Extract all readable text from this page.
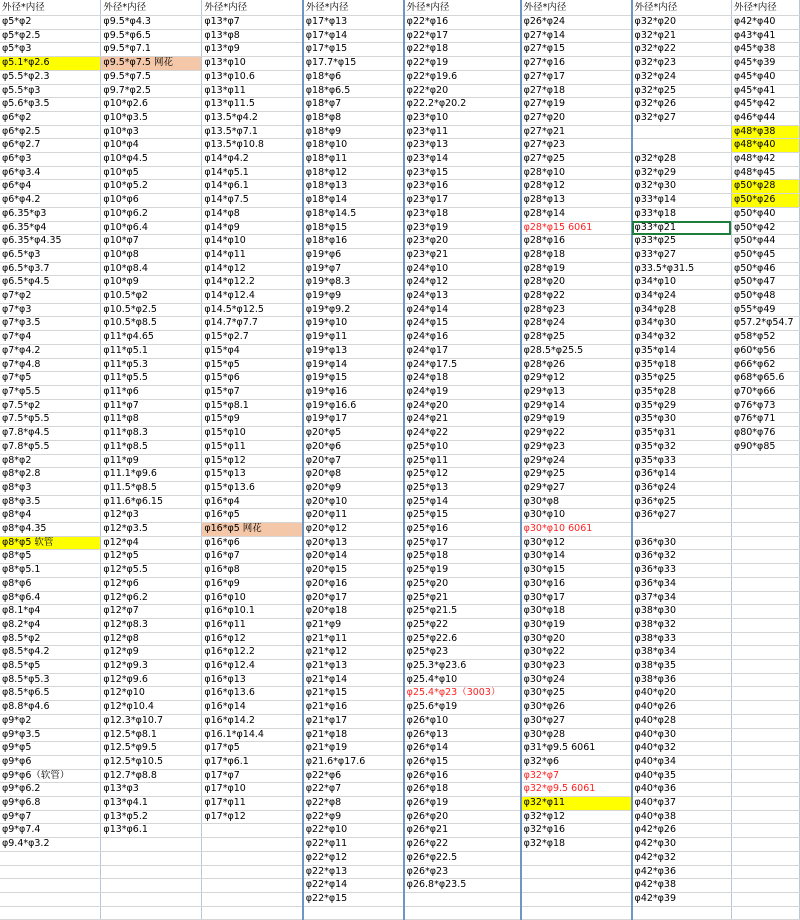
外径*内径	外径*内径	外径*内径	外径*内径	外径*内径	外径*内径	外径*内径	外径*内径
φ5*φ2	φ9.5*φ4.3	φ13*φ7	φ17*φ13	φ22*φ16	φ26*φ24	φ32*φ20	φ42*φ40
φ5*φ2.5	φ9.5*φ6.5	φ13*φ8	φ17*φ14	φ22*φ17	φ27*φ14	φ32*φ21	φ43*φ41
φ5*φ3	φ9.5*φ7.1	φ13*φ9	φ17*φ15	φ22*φ18	φ27*φ15	φ32*φ22	φ45*φ38
φ5.1*φ2.6	φ9.5*φ7.5 网花	φ13*φ10	φ17.7*φ15	φ22*φ19	φ27*φ16	φ32*φ23	φ45*φ39
φ5.5*φ2.3	φ9.5*φ7.5	φ13*φ10.6	φ18*φ6	φ22*φ19.6	φ27*φ17	φ32*φ24	φ45*φ40
φ5.5*φ3	φ9.7*φ2.5	φ13*φ11	φ18*φ6.5	φ22*φ20	φ27*φ18	φ32*φ25	φ45*φ41
φ5.6*φ3.5	φ10*φ2.6	φ13*φ11.5	φ18*φ7	φ22.2*φ20.2	φ27*φ19	φ32*φ26	φ45*φ42
φ6*φ2	φ10*φ3.5	φ13.5*φ4.2	φ18*φ8	φ23*φ10	φ27*φ20	φ32*φ27	φ46*φ44
φ6*φ2.5	φ10*φ3	φ13.5*φ7.1	φ18*φ9	φ23*φ11	φ27*φ21		φ48*φ38
φ6*φ2.7	φ10*φ4	φ13.5*φ10.8	φ18*φ10	φ23*φ13	φ27*φ23		φ48*φ40
φ6*φ3	φ10*φ4.5	φ14*φ4.2	φ18*φ11	φ23*φ14	φ27*φ25	φ32*φ28	φ48*φ42
φ6*φ3.4	φ10*φ5	φ14*φ5.1	φ18*φ12	φ23*φ15	φ28*φ10	φ32*φ29	φ48*φ45
φ6*φ4	φ10*φ5.2	φ14*φ6.1	φ18*φ13	φ23*φ16	φ28*φ12	φ32*φ30	φ50*φ28
φ6*φ4.2	φ10*φ6	φ14*φ7.5	φ18*φ14	φ23*φ17	φ28*φ13	φ33*φ14	φ50*φ26
φ6.35*φ3	φ10*φ6.2	φ14*φ8	φ18*φ14.5	φ23*φ18	φ28*φ14	φ33*φ18	φ50*φ40
φ6.35*φ4	φ10*φ6.4	φ14*φ9	φ18*φ15	φ23*φ19	φ28*φ15 6061	φ33*φ21	φ50*φ42
φ6.35*φ4.35	φ10*φ7	φ14*φ10	φ18*φ16	φ23*φ20	φ28*φ16	φ33*φ25	φ50*φ44
φ6.5*φ3	φ10*φ8	φ14*φ11	φ19*φ6	φ23*φ21	φ28*φ18	φ33*φ27	φ50*φ45
φ6.5*φ3.7	φ10*φ8.4	φ14*φ12	φ19*φ7	φ24*φ10	φ28*φ19	φ33.5*φ31.5	φ50*φ46
φ6.5*φ4.5	φ10*φ9	φ14*φ12.2	φ19*φ8.3	φ24*φ12	φ28*φ20	φ34*φ10	φ50*φ47
φ7*φ2	φ10.5*φ2	φ14*φ12.4	φ19*φ9	φ24*φ13	φ28*φ22	φ34*φ24	φ50*φ48
φ7*φ3	φ10.5*φ2.5	φ14.5*φ12.5	φ19*φ9.2	φ24*φ14	φ28*φ23	φ34*φ28	φ55*φ49
φ7*φ3.5	φ10.5*φ8.5	φ14.7*φ7.7	φ19*φ10	φ24*φ15	φ28*φ24	φ34*φ30	φ57.2*φ54.7
φ7*φ4	φ11*φ4.65	φ15*φ2.7	φ19*φ11	φ24*φ16	φ28*φ25	φ34*φ32	φ58*φ52
φ7*φ4.2	φ11*φ5.1	φ15*φ4	φ19*φ13	φ24*φ17	φ28.5*φ25.5	φ35*φ14	φ60*φ56
φ7*φ4.8	φ11*φ5.3	φ15*φ5	φ19*φ14	φ24*φ17.5	φ28*φ26	φ35*φ18	φ66*φ62
φ7*φ5	φ11*φ5.5	φ15*φ6	φ19*φ15	φ24*φ18	φ29*φ12	φ35*φ25	φ68*φ65.6
φ7*φ5.5	φ11*φ6	φ15*φ7	φ19*φ16	φ24*φ19	φ29*φ13	φ35*φ28	φ70*φ66
φ7.5*φ2	φ11*φ7	φ15*φ8.1	φ19*φ16.6	φ24*φ20	φ29*φ14	φ35*φ29	φ76*φ73
φ7.5*φ5.5	φ11*φ8	φ15*φ9	φ19*φ17	φ24*φ21	φ29*φ19	φ35*φ30	φ76*φ71
φ7.8*φ4.5	φ11*φ8.3	φ15*φ10	φ20*φ5	φ24*φ22	φ29*φ22	φ35*φ31	φ80*φ76
φ7.8*φ5.5	φ11*φ8.5	φ15*φ11	φ20*φ6	φ25*φ10	φ29*φ23	φ35*φ32	φ90*φ85
φ8*φ2	φ11*φ9	φ15*φ12	φ20*φ7	φ25*φ11	φ29*φ24	φ35*φ33	
φ8*φ2.8	φ11.1*φ9.6	φ15*φ13	φ20*φ8	φ25*φ12	φ29*φ25	φ36*φ14	
φ8*φ3	φ11.5*φ8.5	φ15*φ13.6	φ20*φ9	φ25*φ13	φ29*φ27	φ36*φ24	
φ8*φ3.5	φ11.6*φ6.15	φ16*φ4	φ20*φ10	φ25*φ14	φ30*φ8	φ36*φ25	
φ8*φ4	φ12*φ3	φ16*φ5	φ20*φ11	φ25*φ15	φ30*φ10	φ36*φ27	
φ8*φ4.35	φ12*φ3.5	φ16*φ5 网花	φ20*φ12	φ25*φ16	φ30*φ10 6061		
φ8*φ5 软管	φ12*φ4	φ16*φ6	φ20*φ13	φ25*φ17	φ30*φ12	φ36*φ30	
φ8*φ5	φ12*φ5	φ16*φ7	φ20*φ14	φ25*φ18	φ30*φ14	φ36*φ32	
φ8*φ5.1	φ12*φ5.5	φ16*φ8	φ20*φ15	φ25*φ19	φ30*φ15	φ36*φ33	
φ8*φ6	φ12*φ6	φ16*φ9	φ20*φ16	φ25*φ20	φ30*φ16	φ36*φ34	
φ8*φ6.4	φ12*φ6.2	φ16*φ10	φ20*φ17	φ25*φ21	φ30*φ17	φ37*φ34	
φ8.1*φ4	φ12*φ7	φ16*φ10.1	φ20*φ18	φ25*φ21.5	φ30*φ18	φ38*φ30	
φ8.2*φ4	φ12*φ8.3	φ16*φ11	φ21*φ9	φ25*φ22	φ30*φ19	φ38*φ32	
φ8.5*φ2	φ12*φ8	φ16*φ12	φ21*φ11	φ25*φ22.6	φ30*φ20	φ38*φ33	
φ8.5*φ4.2	φ12*φ9	φ16*φ12.2	φ21*φ12	φ25*φ23	φ30*φ22	φ38*φ34	
φ8.5*φ5	φ12*φ9.3	φ16*φ12.4	φ21*φ13	φ25.3*φ23.6	φ30*φ23	φ38*φ35	
φ8.5*φ5.3	φ12*φ9.6	φ16*φ13	φ21*φ14	φ25.4*φ10	φ30*φ24	φ38*φ36	
φ8.5*φ6.5	φ12*φ10	φ16*φ13.6	φ21*φ15	φ25.4*φ23（3003）	φ30*φ25	φ40*φ20	
φ8.8*φ4.6	φ12*φ10.4	φ16*φ14	φ21*φ16	φ25.6*φ19	φ30*φ26	φ40*φ26	
φ9*φ2	φ12.3*φ10.7	φ16*φ14.2	φ21*φ17	φ26*φ10	φ30*φ27	φ40*φ28	
φ9*φ3.5	φ12.5*φ8.1	φ16.1*φ14.4	φ21*φ18	φ26*φ13	φ30*φ28	φ40*φ30	
φ9*φ5	φ12.5*φ9.5	φ17*φ5	φ21*φ19	φ26*φ14	φ31*φ9.5 6061	φ40*φ32	
φ9*φ6	φ12.5*φ10.5	φ17*φ6.1	φ21.6*φ17.6	φ26*φ15	φ32*φ6	φ40*φ34	
φ9*φ6（软管）	φ12.7*φ8.8	φ17*φ7	φ22*φ6	φ26*φ16	φ32*φ7	φ40*φ35	
φ9*φ6.2	φ13*φ3	φ17*φ10	φ22*φ7	φ26*φ18	φ32*φ9.5 6061	φ40*φ36	
φ9*φ6.8	φ13*φ4.1	φ17*φ11	φ22*φ8	φ26*φ19	φ32*φ11	φ40*φ37	
φ9*φ7	φ13*φ5.2	φ17*φ12	φ22*φ9	φ26*φ20	φ32*φ12	φ40*φ38	
φ9*φ7.4	φ13*φ6.1		φ22*φ10	φ26*φ21	φ32*φ16	φ42*φ26	
φ9.4*φ3.2			φ22*φ11	φ26*φ22	φ32*φ18	φ42*φ30	
			φ22*φ12	φ26*φ22.5		φ42*φ32	
			φ22*φ13	φ26*φ23		φ42*φ36	
			φ22*φ14	φ26.8*φ23.5		φ42*φ38	
			φ22*φ15			φ42*φ39	
